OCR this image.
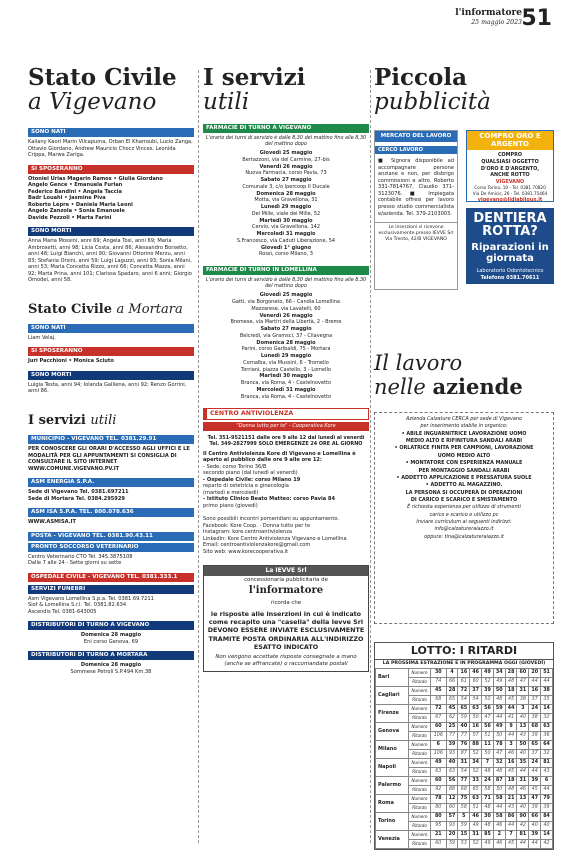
l'informatore
25 maggio 2023 51
Stato Civile
a Vigevano
SONO NATI
Kailany Kaori Marin Vilcapuma, Orban El Kharroubi, Lucio Zanga, Ottavio Giordano, Andrew Mauricio Chocz Vinces, Leonida Crippa, Marwa Zariga.
SI SPOSERANNO
Otoniel Urias Magarin Ramos • Giulia Giordano
Angelo Gence • Emanuela Furlan
Federico Bandini • Angela Taccia
Badr Louahi • Jasmine Piva
Roberto Lepre • Daniela Maria Leoni
Angelo Zanzola • Sonia Emanuele
Davide Pezzoli • Marta Farini
SONO MORTI
Anna Maria Mossini, anni 69; Angela Tosi, anni 69; Maria Ambrosetti, anni 98; Licia Costa, anni 86; Alessandro Borsetto, anni 48; Luigi Bianchi, anni 90; Giovanni Ottorino Merzu, anni 83; Stefania Orsini, anni 59; Luigi Laguzzi, anni 93; Sonia Milani, anni 53; Maria Concetta Rizzo, anni 66; Concetta Mazza, anni 92; Marta Prina, anni 101; Clarissa Spadaro, anni 6 anni; Giorgio Omodei, anni 58.
Stato Civile a Mortara
SONO NATI
Liam Velaj.
SI SPOSERANNO
Juri Pacchioni • Monica Sciuto
SONO MORTI
Luigia Testa, anni 94; Iolanda Galliena, anni 92; Renzo Gorrini, anni 86.
I servizi utili
MUNICIPIO - VIGEVANO TEL. 0381.29.91
PER CONOSCERE GLI ORARI D'ACCESSO AGLI UFFICI E LE MODALITÀ PER GLI APPUNTAMENTI SI CONSIGLIA DI CONSULTARE IL SITO INTERNET WWW.COMUNE.VIGEVANO.PV.IT
ASM ENERGIA S.P.A.
Sede di Vigevano Tel. 0381.697211
Sede di Mortara Tel. 0384.295929
ASM ISA S.P.A. TEL. 800.078.636
WWW.ASMISA.IT
POSTA - VIGEVANO TEL. 0381.90.43.11
PRONTO SOCCORSO VETERINARIO
Centro Veterinario CTO Tel. 345.3875108
Dalle 7 alle 24 - Sette giorni su sette
OSPEDALE CIVILE - VIGEVANO TEL. 0381.333.1
SERVIZI FUNEBRI
Asm Vigevano Lomellina S.p.a. Tel. 0381.69.7211
Siof & Lomellina S.r.l. Tel. 0381.82.634
Ascendis Tel. 0381-643005
DISTRIBUTORI DI TURNO A VIGEVANO
Domenica 28 maggio
Eni corso Genova, 69
DISTRIBUTORI DI TURNO A MORTARA
Domenica 28 maggio
Sommese Petroli S.P.494 Km.38
I servizi
utili
FARMACIE DI TURNO A VIGEVANO
L'orario dei turni di servizio è dalle 8,30 del mattino fino alle 8,30 del mattino dopo
Giovedì 25 maggio
Bertazzoni, via del Carmine, 27-bis
Venerdì 26 maggio
Nuova Farmacia, corso Pavia, 73
Sabato 27 maggio
Comunale 3, c/o Ipercoop Il Ducale
Domenica 28 maggio
Motta, via Gravellona, 31
Lunedì 29 maggio
Dei Mille, viale dei Mille, 52
Martedì 30 maggio
Cervio, via Gravellona, 142
Mercoledì 31 maggio
S.Francesco, via Caduti Liberazione, 54
Giovedì 1° giugno
Rossi, corso Milano, 3
FARMACIE DI TURNO IN LOMELLINA
L'orario dei turni di servizio è dalle 8,30 del mattino fino alle 8,30 del mattino dopo
Giovedì 25 maggio
Gatti, via Borgonato, 66 - Candia Lomellina
Mazzarese, via Lavatelli, 60
Venerdì 26 maggio
Bremese, via Martiri della Libertà, 2 - Breme
Sabato 27 maggio
Belcredi, via Gramsci, 37 - Cilavegna
Domenica 28 maggio
Parini, corso Garibaldi, 75 - Mortara
Lunedì 29 maggio
Cornalba, via Mussini, 6 - Tromello
Torriani, piazza Castello, 3 - Lomello
Martedì 30 maggio
Branca, via Roma, 4 - Castelnovetto
Mercoledì 31 maggio
Branca, via Roma, 4 - Castelnovetto
CENTRO ANTIVIOLENZA
"Donna tutto per te" - Cooperativa Kore
Tel. 351-9521151 dalle ore 9 alle 12 dal lunedì al venerdì Tel. 349-2827999 SOLO EMERGENZE 24 ORE AL GIORNO
Il Centro Antiviolenza Kore di Vigevano e Lomellina è aperto al pubblico dalle ore 9 alle ore 12:
- Sede: corso Torino 36/B
secondo piano (dal lunedì al venerdì)
- Ospedale Civile: corso Milano 19
reparto di ostetricia e ginecologia
(martedì e mercoledì)
- Istituto Clinico Beato Matteo: corso Pavia 84
primo piano (giovedì)

Sono possibili incontri pomeridiani su appuntamento.
Facebook: Kore Coop. · Donna tutto per te
Instagram: kore.centroantiviolenza
Linkedin: Kore Centro Antiviolenza Vigevano e Lomellina
Email: centroantiviolenzakore@gmail.com
Sito web: www.korecooperativa.it
La IEVVE Srl
concessionaria pubblicitaria de
l'informatore
ricorda che
le risposte alle inserzioni in cui è indicato come recapito una "casella" della Ievve Srl DEVONO ESSERE INVIATE ESCLUSIVAMENTE TRAMITE POSTA ORDINARIA ALL'INDIRIZZO ESATTO INDICATO
Non vengono accettate risposte consegnate a mano (anche se affrancate) o raccomandate postali
Piccola
pubblicità
MERCATO DEL LAVORO
CERCO LAVORO
■ Signora disponibile ad accompagnare persone anziane e non, per disbrigo commissioni e altro. Roberto 331-7814767, Claudio 371-3123076. ■ Impiegata contabile offresi per lavoro presso studio commercialista e/azienda. Tel. 379-2103003.
Le inserzioni si ricevono esclusivamente presso IEVVE Srl Via Trento, 42/B VIGEVANO
COMPRO ORO E ARGENTO
COMPRO
QUALSIASI OGGETTO
D'ORO E D'ARGENTO,
ANCHE ROTTO
VIGEVANO
Corso Torino, 10 - Tel. 0381.70820
Via De Amicis, 26 - Tel. 0381.75464
vigevano@lidiabijoux.it
DENTIERA
ROTTA?
Riparazioni in giornata
Laboratorio Odontotecnico
Telefono 0381.70611
Il lavoro
nelle aziende
Azienda Calzature CERCA per sede di Vigevano
per inserimento stabile in organico:
• ABILE INGUARNITRICE LAVORAZIONE UOMO
MEDIO ALTO E RIFINITURA SANDALI ARABI
• ORLATRICE FINITA PER CAMPIONI, LAVORAZIONE
UOMO MEDIO ALTO
• MONTATORE CON ESPERIENZA MANUALE
PER MONTAGGIO SANDALI ARABI
• ADDETTO APPLICAZIONE E PRESSATURA SUOLE
• ADDETTO AL MAGAZZINO.
LA PERSONA SI OCCUPERÀ DI OPERAZIONI
DI CARICO E SCARICO E SMISTAMENTO
È richiesta esperienza per utilizzo di strumenti
carico e scarico e utilizzo pc
Inviare curriculum ai seguenti indirizzi:
info@calzatureraiazzo.it
oppure: tina@calzatureraiazzo.it
LOTTO: I RITARDI
LA PROSSIMA ESTRAZIONE E IN PROGRAMMA OGGI (GIOVEDÌ)
Bari	Numero	30	4	16	46	49	34	28	60	20	51
	Ritardo	74	66	61	60	52	49	48	47	44	44
Cagliari	Numero	45	28	72	37	39	50	18	31	16	38
	Ritardo	68	65	54	54	50	48	45	38	37	35
Firenze	Numero	72	45	65	63	56	59	44	3	24	14
	Ritardo	67	62	59	50	47	44	41	40	38	32
Genova	Numero	60	25	40	16	56	49	9	13	68	63
	Ritardo	106	77	77	57	51	50	44	43	39	36
Milano	Numero	6	39	76	88	11	78	3	50	65	64
	Ritardo	106	93	87	52	50	47	46	40	37	32
Napoli	Numero	49	40	31	34	7	32	16	35	24	81
	Ritardo	63	63	54	52	48	48	45	44	44	43
Palermo	Numero	60	56	77	33	24	87	18	31	39	6
	Ritardo	92	88	68	65	58	50	48	46	45	44
Roma	Numero	78	12	75	63	71	58	21	13	47	79
	Ritardo	80	60	58	51	48	44	43	40	39	39
Torino	Numero	80	57	5	46	30	58	86	90	66	84
	Ritardo	95	93	59	49	48	46	44	42	40	40
Venezia	Numero	21	20	15	31	85	2	7	81	39	14
	Ritardo	60	59	53	52	49	46	45	44	44	42
